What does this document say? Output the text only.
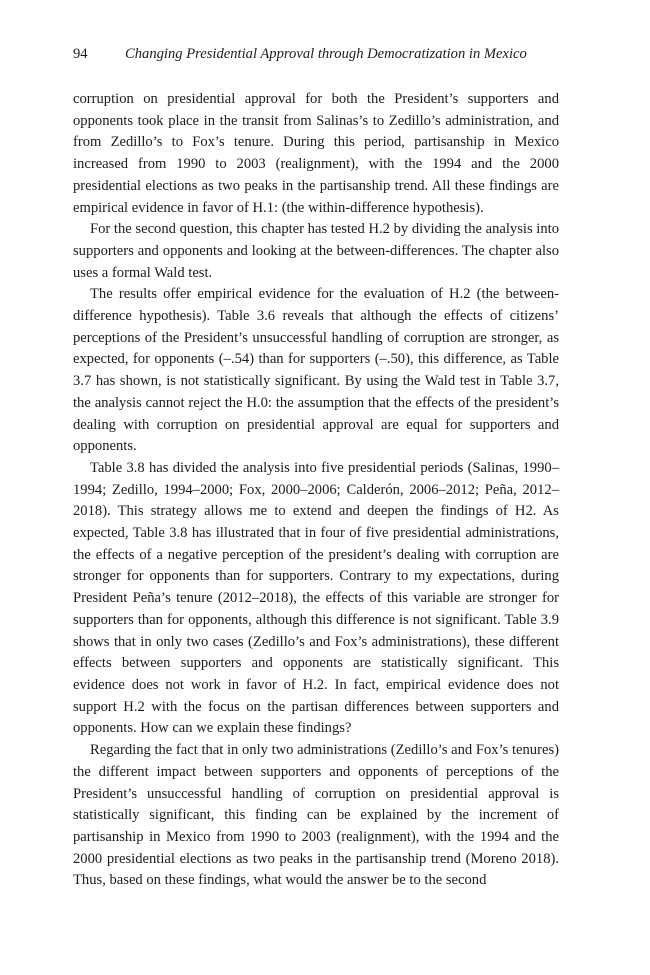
94	Changing Presidential Approval through Democratization in Mexico

corruption on presidential approval for both the President’s supporters and opponents took place in the transit from Salinas’s to Zedillo’s administration, and from Zedillo’s to Fox’s tenure. During this period, partisanship in Mexico increased from 1990 to 2003 (realignment), with the 1994 and the 2000 presidential elections as two peaks in the partisanship trend. All these findings are empirical evidence in favor of H.1: (the within-difference hypothesis).

For the second question, this chapter has tested H.2 by dividing the analysis into supporters and opponents and looking at the between-differences. The chapter also uses a formal Wald test.

The results offer empirical evidence for the evaluation of H.2 (the between-difference hypothesis). Table 3.6 reveals that although the effects of citizens’ perceptions of the President’s unsuccessful handling of corruption are stronger, as expected, for opponents (–.54) than for supporters (–.50), this difference, as Table 3.7 has shown, is not statistically significant. By using the Wald test in Table 3.7, the analysis cannot reject the H.0: the assumption that the effects of the president’s dealing with corruption on presidential approval are equal for supporters and opponents.

Table 3.8 has divided the analysis into five presidential periods (Salinas, 1990–1994; Zedillo, 1994–2000; Fox, 2000–2006; Calderón, 2006–2012; Peña, 2012–2018). This strategy allows me to extend and deepen the findings of H2. As expected, Table 3.8 has illustrated that in four of five presidential administrations, the effects of a negative perception of the president’s dealing with corruption are stronger for opponents than for supporters. Contrary to my expectations, during President Peña’s tenure (2012–2018), the effects of this variable are stronger for supporters than for opponents, although this difference is not significant. Table 3.9 shows that in only two cases (Zedillo’s and Fox’s administrations), these different effects between supporters and opponents are statistically significant. This evidence does not work in favor of H.2. In fact, empirical evidence does not support H.2 with the focus on the partisan differences between supporters and opponents. How can we explain these findings?

Regarding the fact that in only two administrations (Zedillo’s and Fox’s tenures) the different impact between supporters and opponents of perceptions of the President’s unsuccessful handling of corruption on presidential approval is statistically significant, this finding can be explained by the increment of partisanship in Mexico from 1990 to 2003 (realignment), with the 1994 and the 2000 presidential elections as two peaks in the partisanship trend (Moreno 2018). Thus, based on these findings, what would the answer be to the second
